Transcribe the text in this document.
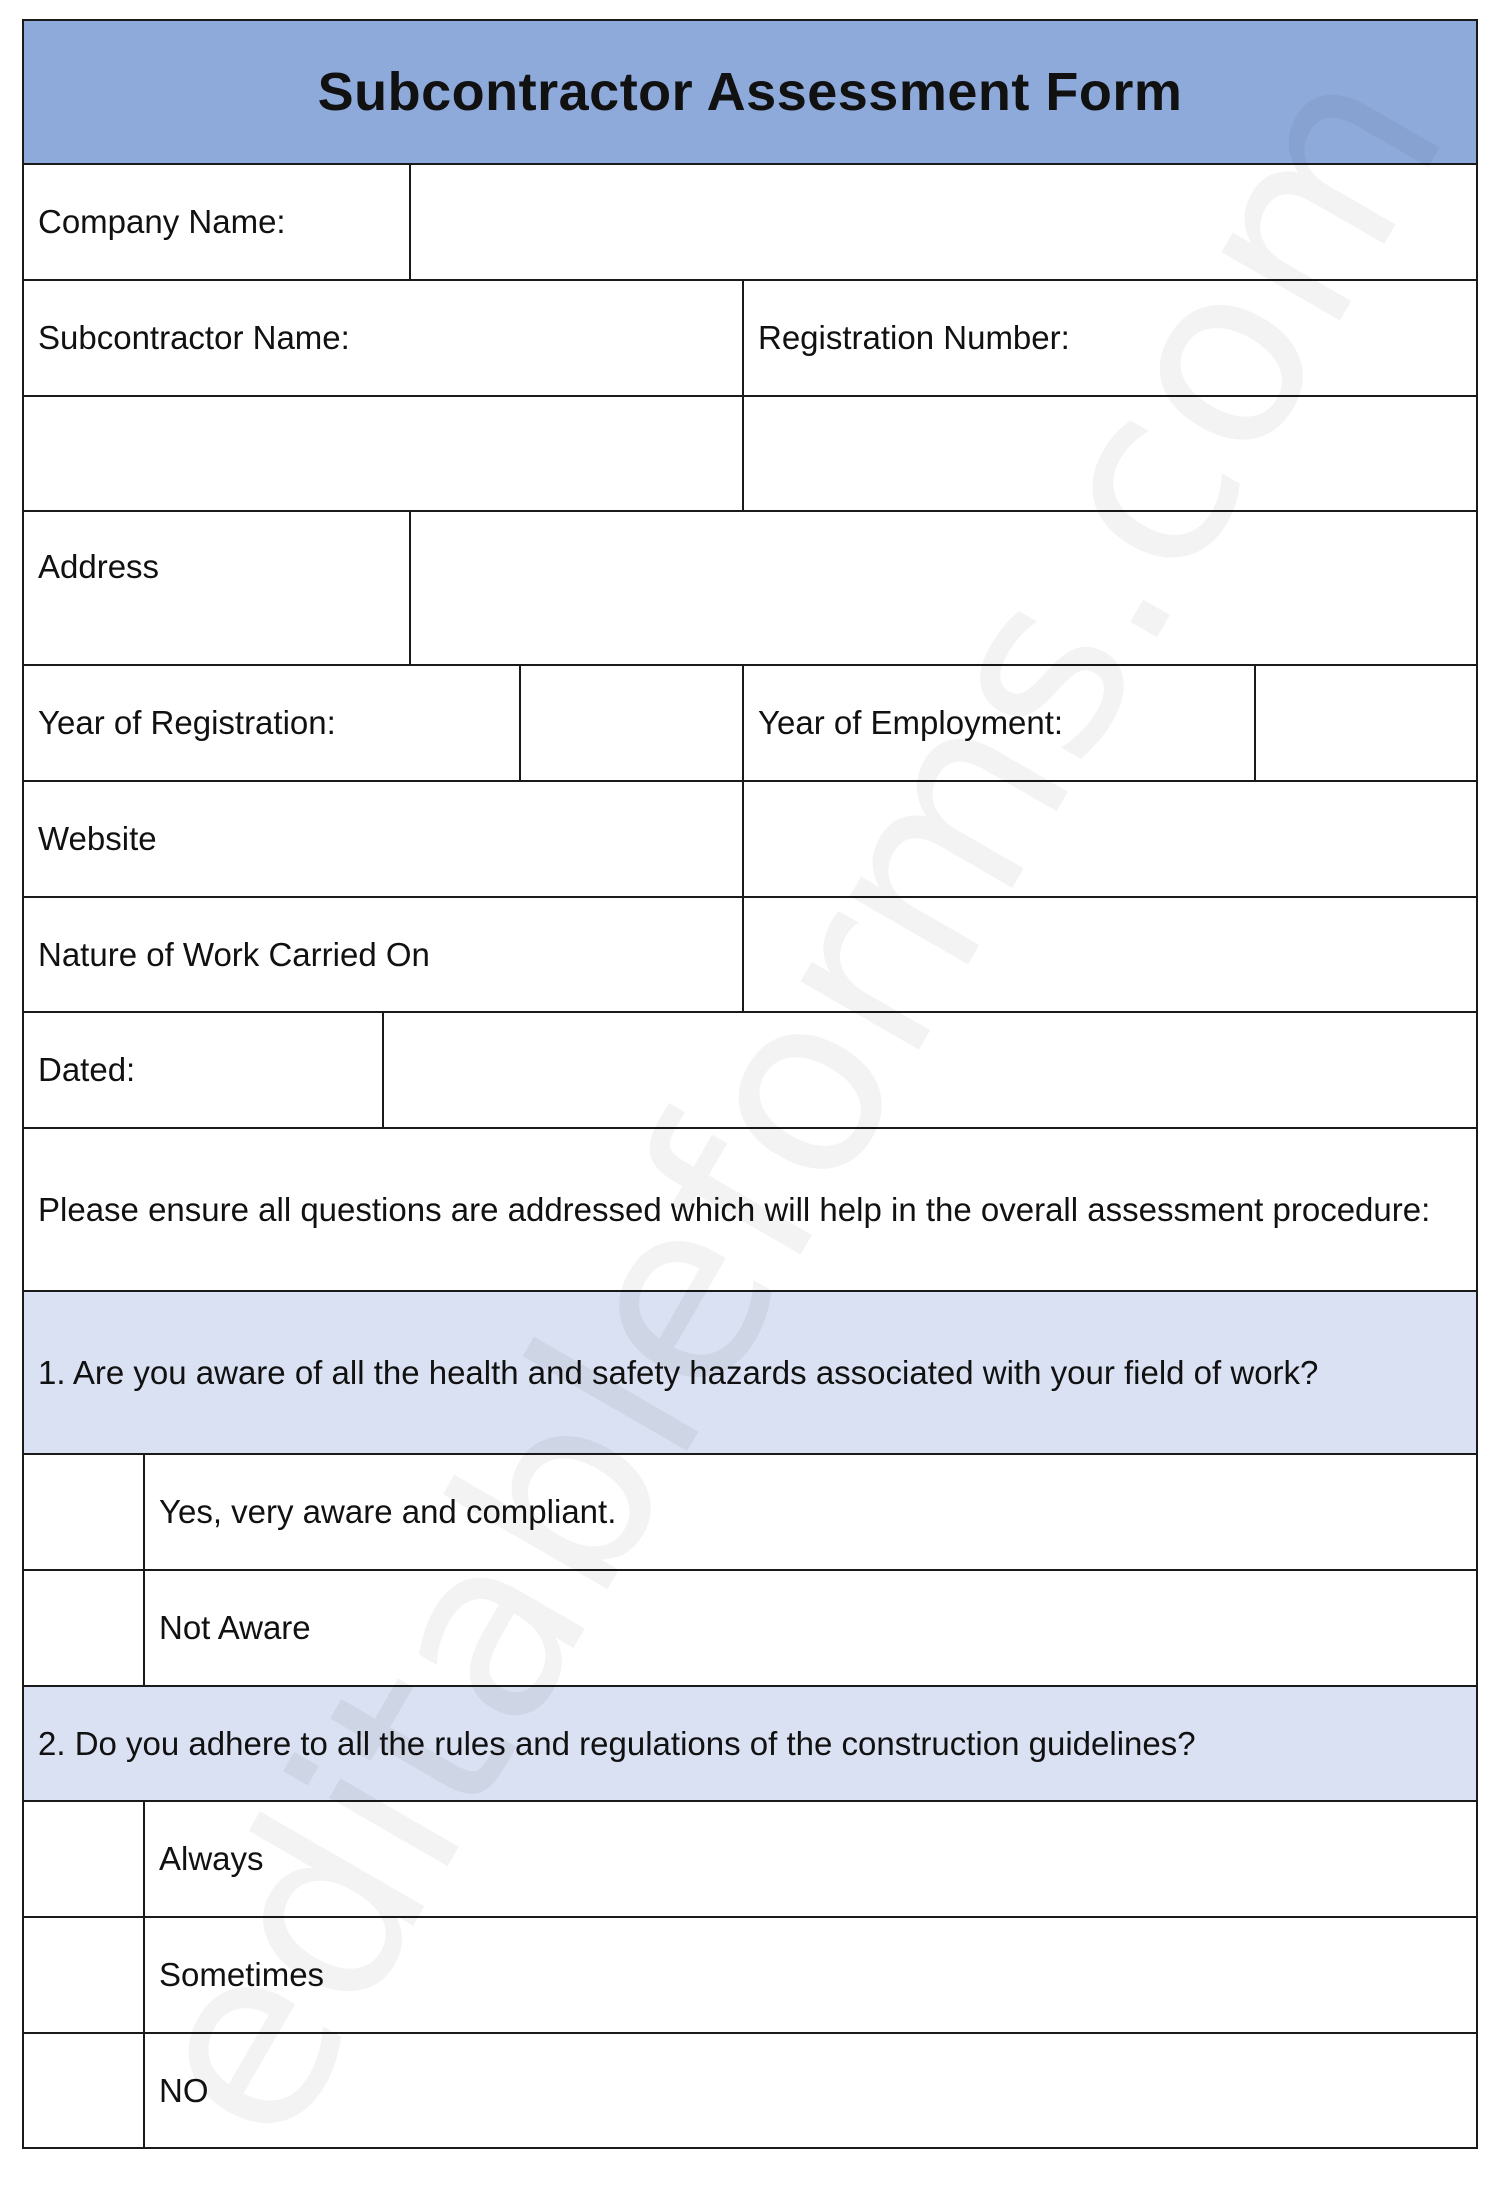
Subcontractor Assessment Form
Company Name:
Subcontractor Name:	Registration Number:
Address
Year of Registration:	Year of Employment:
Website
Nature of Work Carried On
Dated:
Please ensure all questions are addressed which will help in the overall assessment procedure:
1. Are you aware of all the health and safety hazards associated with your field of work?
Yes, very aware and compliant.
Not Aware
2. Do you adhere to all the rules and regulations of the construction guidelines?
Always
Sometimes
NO
